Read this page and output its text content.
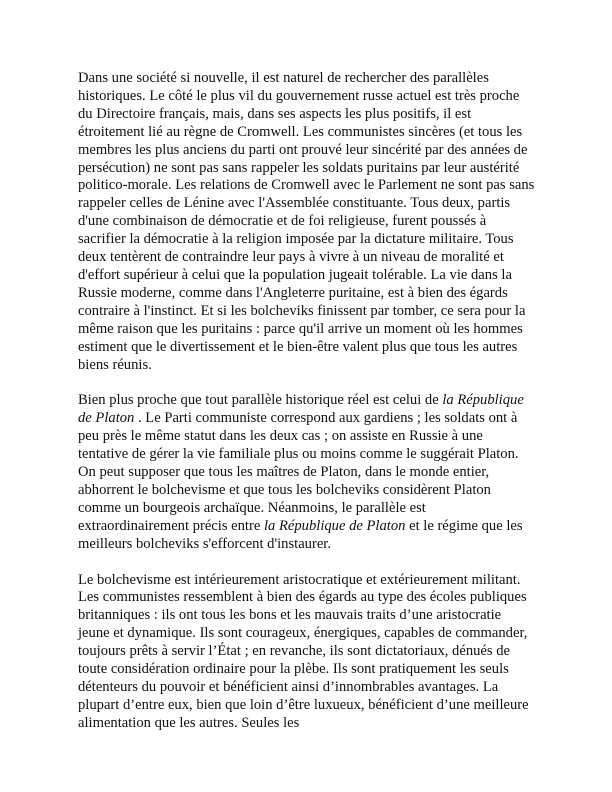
Dans une société si nouvelle, il est naturel de rechercher des parallèles historiques. Le côté le plus vil du gouvernement russe actuel est très proche du Directoire français, mais, dans ses aspects les plus positifs, il est étroitement lié au règne de Cromwell. Les communistes sincères (et tous les membres les plus anciens du parti ont prouvé leur sincérité par des années de persécution) ne sont pas sans rappeler les soldats puritains par leur austérité politico-morale. Les relations de Cromwell avec le Parlement ne sont pas sans rappeler celles de Lénine avec l'Assemblée constituante. Tous deux, partis d'une combinaison de démocratie et de foi religieuse, furent poussés à sacrifier la démocratie à la religion imposée par la dictature militaire. Tous deux tentèrent de contraindre leur pays à vivre à un niveau de moralité et d'effort supérieur à celui que la population jugeait tolérable. La vie dans la Russie moderne, comme dans l'Angleterre puritaine, est à bien des égards contraire à l'instinct. Et si les bolcheviks finissent par tomber, ce sera pour la même raison que les puritains : parce qu'il arrive un moment où les hommes estiment que le divertissement et le bien-être valent plus que tous les autres biens réunis.

Bien plus proche que tout parallèle historique réel est celui de la République de Platon . Le Parti communiste correspond aux gardiens ; les soldats ont à peu près le même statut dans les deux cas ; on assiste en Russie à une tentative de gérer la vie familiale plus ou moins comme le suggérait Platon. On peut supposer que tous les maîtres de Platon, dans le monde entier, abhorrent le bolchevisme et que tous les bolcheviks considèrent Platon comme un bourgeois archaïque. Néanmoins, le parallèle est extraordinairement précis entre la République de Platon et le régime que les meilleurs bolcheviks s'efforcent d'instaurer.

Le bolchevisme est intérieurement aristocratique et extérieurement militant. Les communistes ressemblent à bien des égards au type des écoles publiques britanniques : ils ont tous les bons et les mauvais traits d’une aristocratie jeune et dynamique. Ils sont courageux, énergiques, capables de commander, toujours prêts à servir l’État ; en revanche, ils sont dictatoriaux, dénués de toute considération ordinaire pour la plèbe. Ils sont pratiquement les seuls détenteurs du pouvoir et bénéficient ainsi d’innombrables avantages. La plupart d’entre eux, bien que loin d’être luxueux, bénéficient d’une meilleure alimentation que les autres. Seules les
